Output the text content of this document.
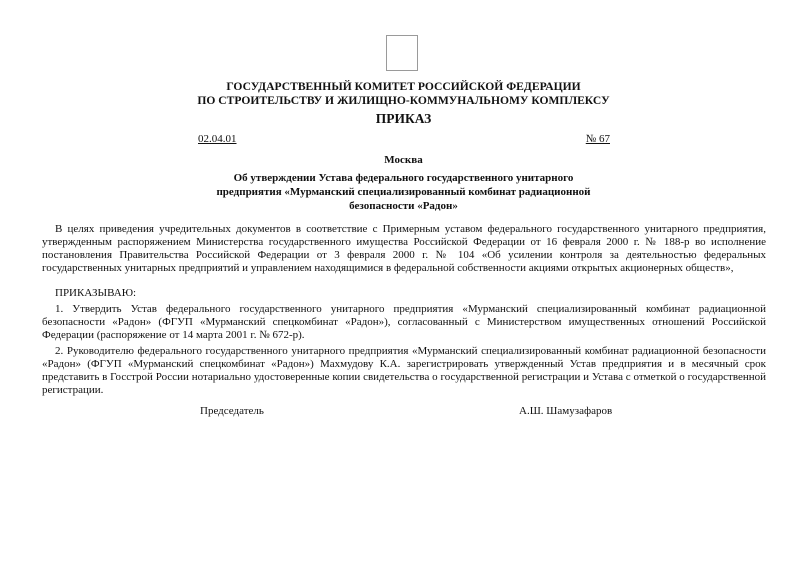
ГОСУДАРСТВЕННЫЙ КОМИТЕТ РОССИЙСКОЙ ФЕДЕРАЦИИ
ПО СТРОИТЕЛЬСТВУ И ЖИЛИЩНО-КОММУНАЛЬНОМУ КОМПЛЕКСУ
ПРИКАЗ
02.04.01	№ 67
Москва
Об утверждении Устава федерального государственного унитарного
предприятия «Мурманский специализированный комбинат радиационной
безопасности «Радон»

В целях приведения учредительных документов в соответствие с Примерным уставом федерального государственного унитарного предприятия, утвержденным распоряжением Министерства государственного имущества Российской Федерации от 16 февраля 2000 г. № 188-р во исполнение постановления Правительства Российской Федерации от 3 февраля 2000 г. № 104 «Об усилении контроля за деятельностью федеральных государственных унитарных предприятий и управлением находящимися в федеральной собственности акциями открытых акционерных обществ»,

ПРИКАЗЫВАЮ:

1. Утвердить Устав федерального государственного унитарного предприятия «Мурманский специализированный комбинат радиационной безопасности «Радон» (ФГУП «Мурманский спецкомбинат «Радон»), согласованный с Министерством имущественных отношений Российской Федерации (распоряжение от 14 марта 2001 г. № 672-р).

2. Руководителю федерального государственного унитарного предприятия «Мурманский специализированный комбинат радиационной безопасности «Радон» (ФГУП «Мурманский спецкомбинат «Радон») Махмудову К.А. зарегистрировать утвержденный Устав предприятия и в месячный срок представить в Госстрой России нотариально удостоверенные копии свидетельства о государственной регистрации и Устава с отметкой о государственной регистрации.

Председатель	А.Ш. Шамузафаров
